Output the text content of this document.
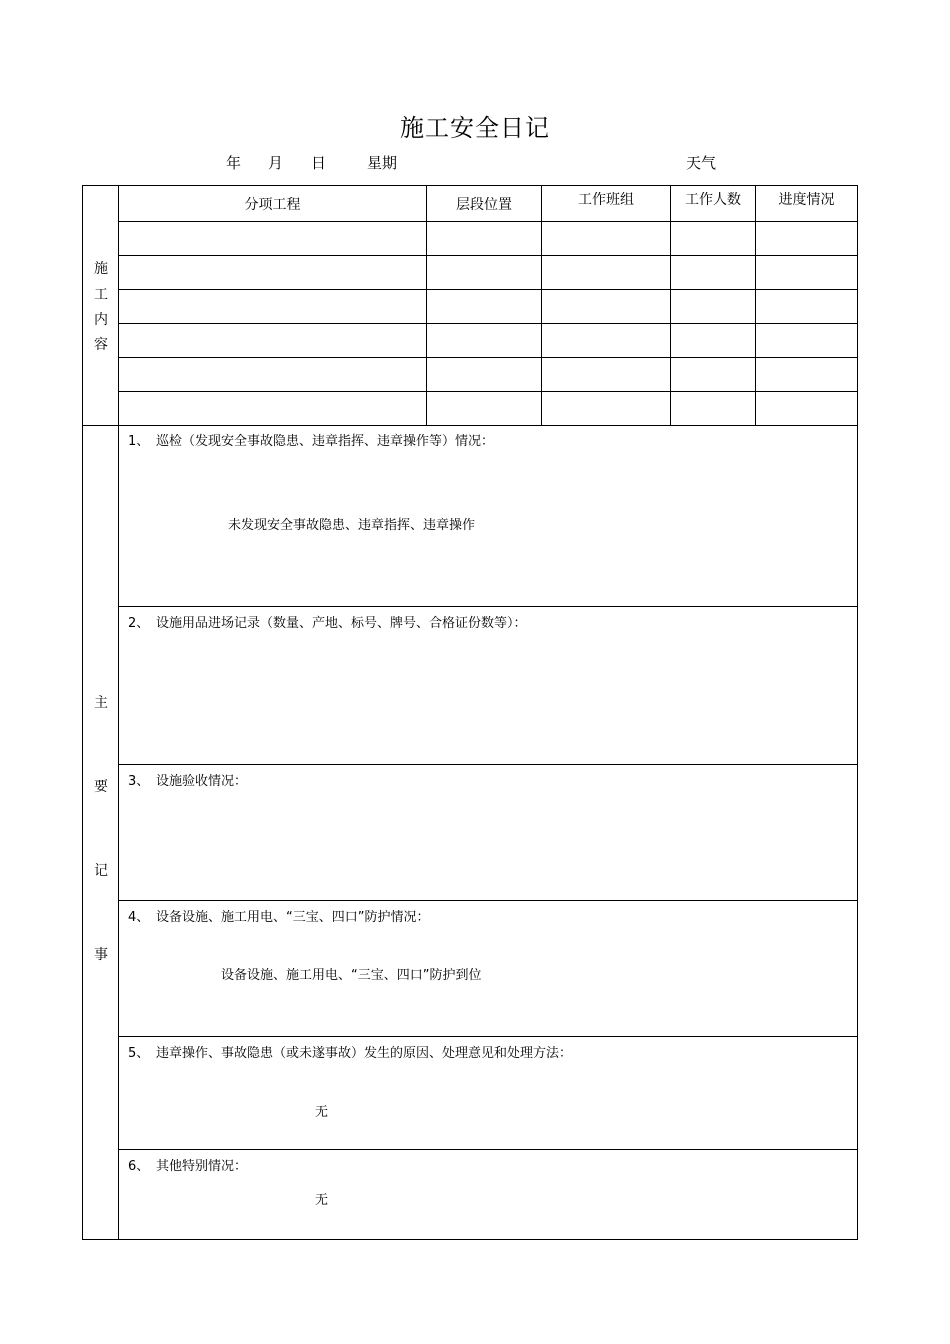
施工安全日记
年 月 日	星期	天气
施
工
内
容
分项工程	层段位置	工作班组	工作人数	进度情况
主
要
记
事
1、 巡检（发现安全事故隐患、违章指挥、违章操作等）情况：
未发现安全事故隐患、违章指挥、违章操作
2、 设施用品进场记录（数量、产地、标号、牌号、合格证份数等）：
3、 设施验收情况：
4、 设备设施、施工用电、“三宝、四口”防护情况：
设备设施、施工用电、“三宝、四口”防护到位
5、 违章操作、事故隐患（或未遂事故）发生的原因、处理意见和处理方法：
无
6、 其他特别情况：
无
